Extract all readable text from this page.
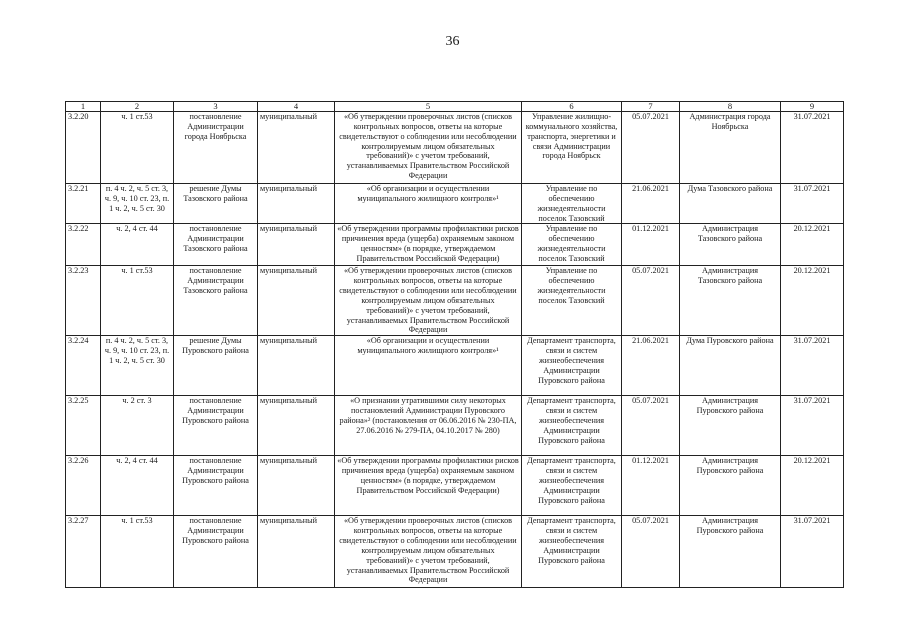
36
1	2	3	4	5	6	7	8	9
3.2.20	ч. 1 ст.53	постановление Администрации города Ноябрьска	муниципальный	«Об утверждении проверочных листов (списков контрольных вопросов, ответы на которые свидетельствуют о соблюдении или несоблюдении контролируемым лицом обязательных требований)» с учетом требований, устанавливаемых Правительством Российской Федерации	Управление жилищно-коммунального хозяйства, транспорта, энергетики и связи Администрации города Ноябрьск	05.07.2021	Администрация города Ноябрьска	31.07.2021
3.2.21	п. 4 ч. 2, ч. 5 ст. 3, ч. 9, ч. 10 ст. 23, п. 1 ч. 2, ч. 5 ст. 30	решение Думы Тазовского района	муниципальный	«Об организации и осуществлении муниципального жилищного контроля»¹	Управление по обеспечению жизнедеятельности поселок Тазовский	21.06.2021	Дума Тазовского района	31.07.2021
3.2.22	ч. 2, 4 ст. 44	постановление Администрации Тазовского района	муниципальный	«Об утверждении программы профилактики рисков причинения вреда (ущерба) охраняемым законом ценностям» (в порядке, утверждаемом Правительством Российской Федерации)	Управление по обеспечению жизнедеятельности поселок Тазовский	01.12.2021	Администрация Тазовского района	20.12.2021
3.2.23	ч. 1 ст.53	постановление Администрации Тазовского района	муниципальный	«Об утверждении проверочных листов (списков контрольных вопросов, ответы на которые свидетельствуют о соблюдении или несоблюдении контролируемым лицом обязательных требований)» с учетом требований, устанавливаемых Правительством Российской Федерации	Управление по обеспечению жизнедеятельности поселок Тазовский	05.07.2021	Администрация Тазовского района	20.12.2021
3.2.24	п. 4 ч. 2, ч. 5 ст. 3, ч. 9, ч. 10 ст. 23, п. 1 ч. 2, ч. 5 ст. 30	решение Думы Пуровского района	муниципальный	«Об организации и осуществлении муниципального жилищного контроля»¹	Департамент транспорта, связи и систем жизнеобеспечения Администрации Пуровского района	21.06.2021	Дума Пуровского района	31.07.2021
3.2.25	ч. 2 ст. 3	постановление Администрации Пуровского района	муниципальный	«О признании утратившими силу некоторых постановлений Администрации Пуровского района»² (постановления от 06.06.2016 № 230-ПА, 27.06.2016 № 279-ПА, 04.10.2017 № 280)	Департамент транспорта, связи и систем жизнеобеспечения Администрации Пуровского района	05.07.2021	Администрация Пуровского района	31.07.2021
3.2.26	ч. 2, 4 ст. 44	постановление Администрации Пуровского района	муниципальный	«Об утверждении программы профилактики рисков причинения вреда (ущерба) охраняемым законом ценностям» (в порядке, утверждаемом Правительством Российской Федерации)	Департамент транспорта, связи и систем жизнеобеспечения Администрации Пуровского района	01.12.2021	Администрация Пуровского района	20.12.2021
3.2.27	ч. 1 ст.53	постановление Администрации Пуровского района	муниципальный	«Об утверждении проверочных листов (списков контрольных вопросов, ответы на которые свидетельствуют о соблюдении или несоблюдении контролируемым лицом обязательных требований)» с учетом требований, устанавливаемых Правительством Российской Федерации	Департамент транспорта, связи и систем жизнеобеспечения Администрации Пуровского района	05.07.2021	Администрация Пуровского района	31.07.2021
